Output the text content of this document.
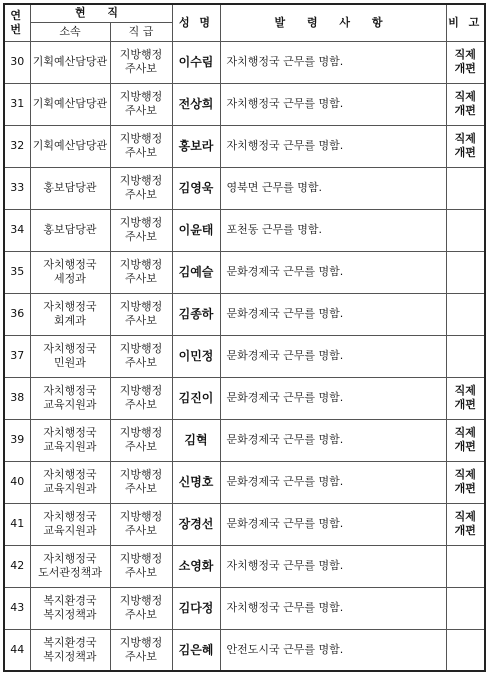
연
번	현 직		성 명	발 령 사 항	비 고
	소속	직 급			
30	기획예산담당관	지방행정
주사보	이수림	자치행정국 근무를 명함.	직제
개편
31	기획예산담당관	지방행정
주사보	전상희	자치행정국 근무를 명함.	직제
개편
32	기획예산담당관	지방행정
주사보	홍보라	자치행정국 근무를 명함.	직제
개편
33	홍보담당관	지방행정
주사보	김영욱	영북면 근무를 명함.	
34	홍보담당관	지방행정
주사보	이윤태	포천동 근무를 명함.	
35	자치행정국
세정과	지방행정
주사보	김예슬	문화경제국 근무를 명함.	
36	자치행정국
회계과	지방행정
주사보	김종하	문화경제국 근무를 명함.	
37	자치행정국
민원과	지방행정
주사보	이민정	문화경제국 근무를 명함.	
38	자치행정국
교육지원과	지방행정
주사보	김진이	문화경제국 근무를 명함.	직제
개편
39	자치행정국
교육지원과	지방행정
주사보	김혁	문화경제국 근무를 명함.	직제
개편
40	자치행정국
교육지원과	지방행정
주사보	신명호	문화경제국 근무를 명함.	직제
개편
41	자치행정국
교육지원과	지방행정
주사보	장경선	문화경제국 근무를 명함.	직제
개편
42	자치행정국
도서관정책과	지방행정
주사보	소영화	자치행정국 근무를 명함.	
43	복지환경국
복지정책과	지방행정
주사보	김다정	자치행정국 근무를 명함.	
44	복지환경국
복지정책과	지방행정
주사보	김은혜	안전도시국 근무를 명함.	
